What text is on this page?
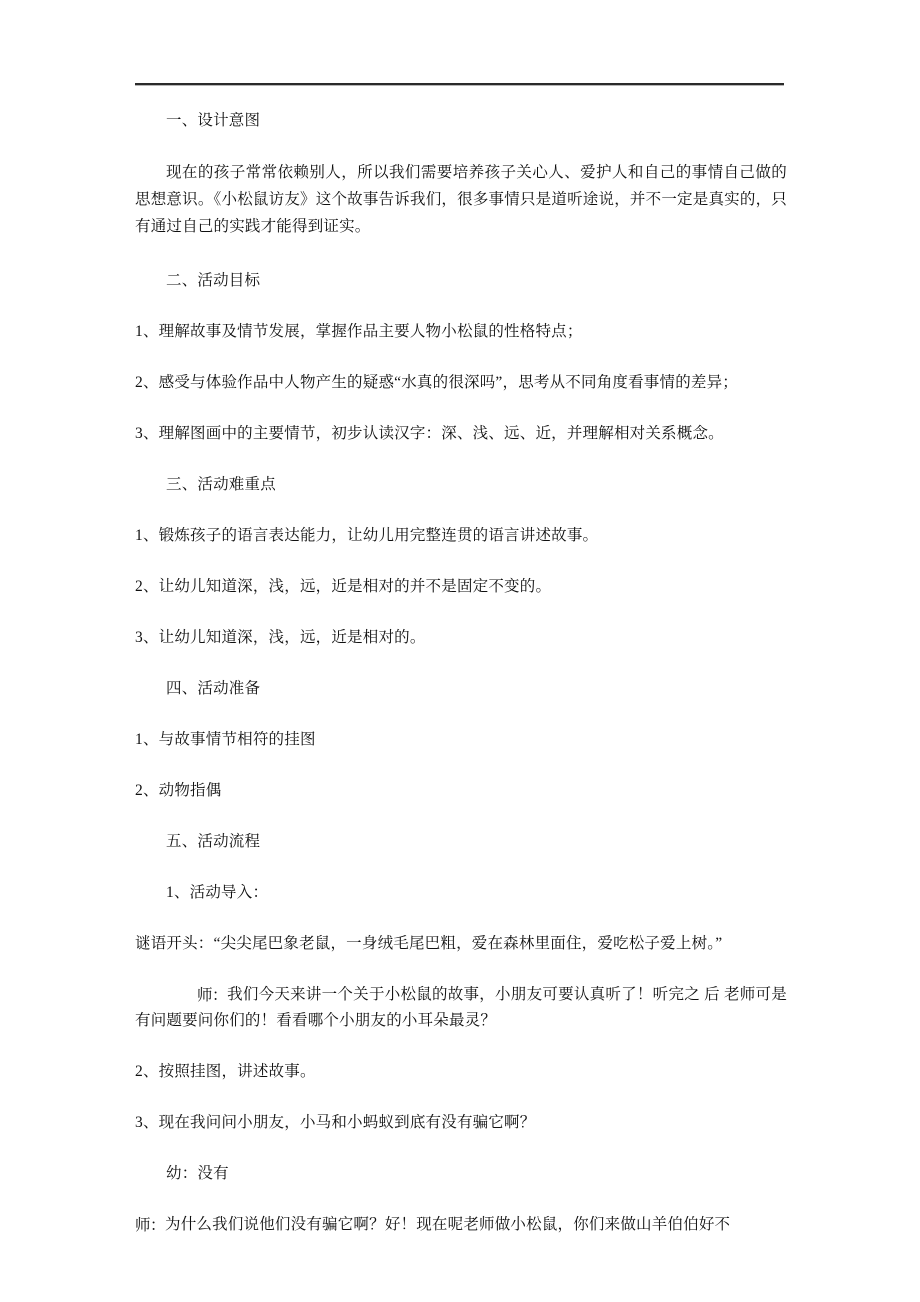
一、设计意图

现在的孩子常常依赖别人，所以我们需要培养孩子关心人、爱护人和自己的事情自己做的思想意识。《小松鼠访友》这个故事告诉我们，很多事情只是道听途说，并不一定是真实的，只有通过自己的实践才能得到证实。

二、活动目标

1、理解故事及情节发展，掌握作品主要人物小松鼠的性格特点；

2、感受与体验作品中人物产生的疑惑“水真的很深吗”，思考从不同角度看事情的差异；

3、理解图画中的主要情节，初步认读汉字：深、浅、远、近，并理解相对关系概念。

三、活动难重点

1、锻炼孩子的语言表达能力，让幼儿用完整连贯的语言讲述故事。

2、让幼儿知道深，浅，远，近是相对的并不是固定不变的。

3、让幼儿知道深，浅，远，近是相对的。

四、活动准备

1、与故事情节相符的挂图

2、动物指偶

五、活动流程

1、活动导入：

谜语开头：“尖尖尾巴象老鼠，一身绒毛尾巴粗，爱在森林里面住，爱吃松子爱上树。”

师：我们今天来讲一个关于小松鼠的故事，小朋友可要认真听了！听完之 后 老师可是有问题要问你们的！看看哪个小朋友的小耳朵最灵？

2、按照挂图，讲述故事。

3、现在我问问小朋友，小马和小蚂蚁到底有没有骗它啊？

幼：没有

师：为什么我们说他们没有骗它啊？好！现在呢老师做小松鼠，你们来做山羊伯伯好不
